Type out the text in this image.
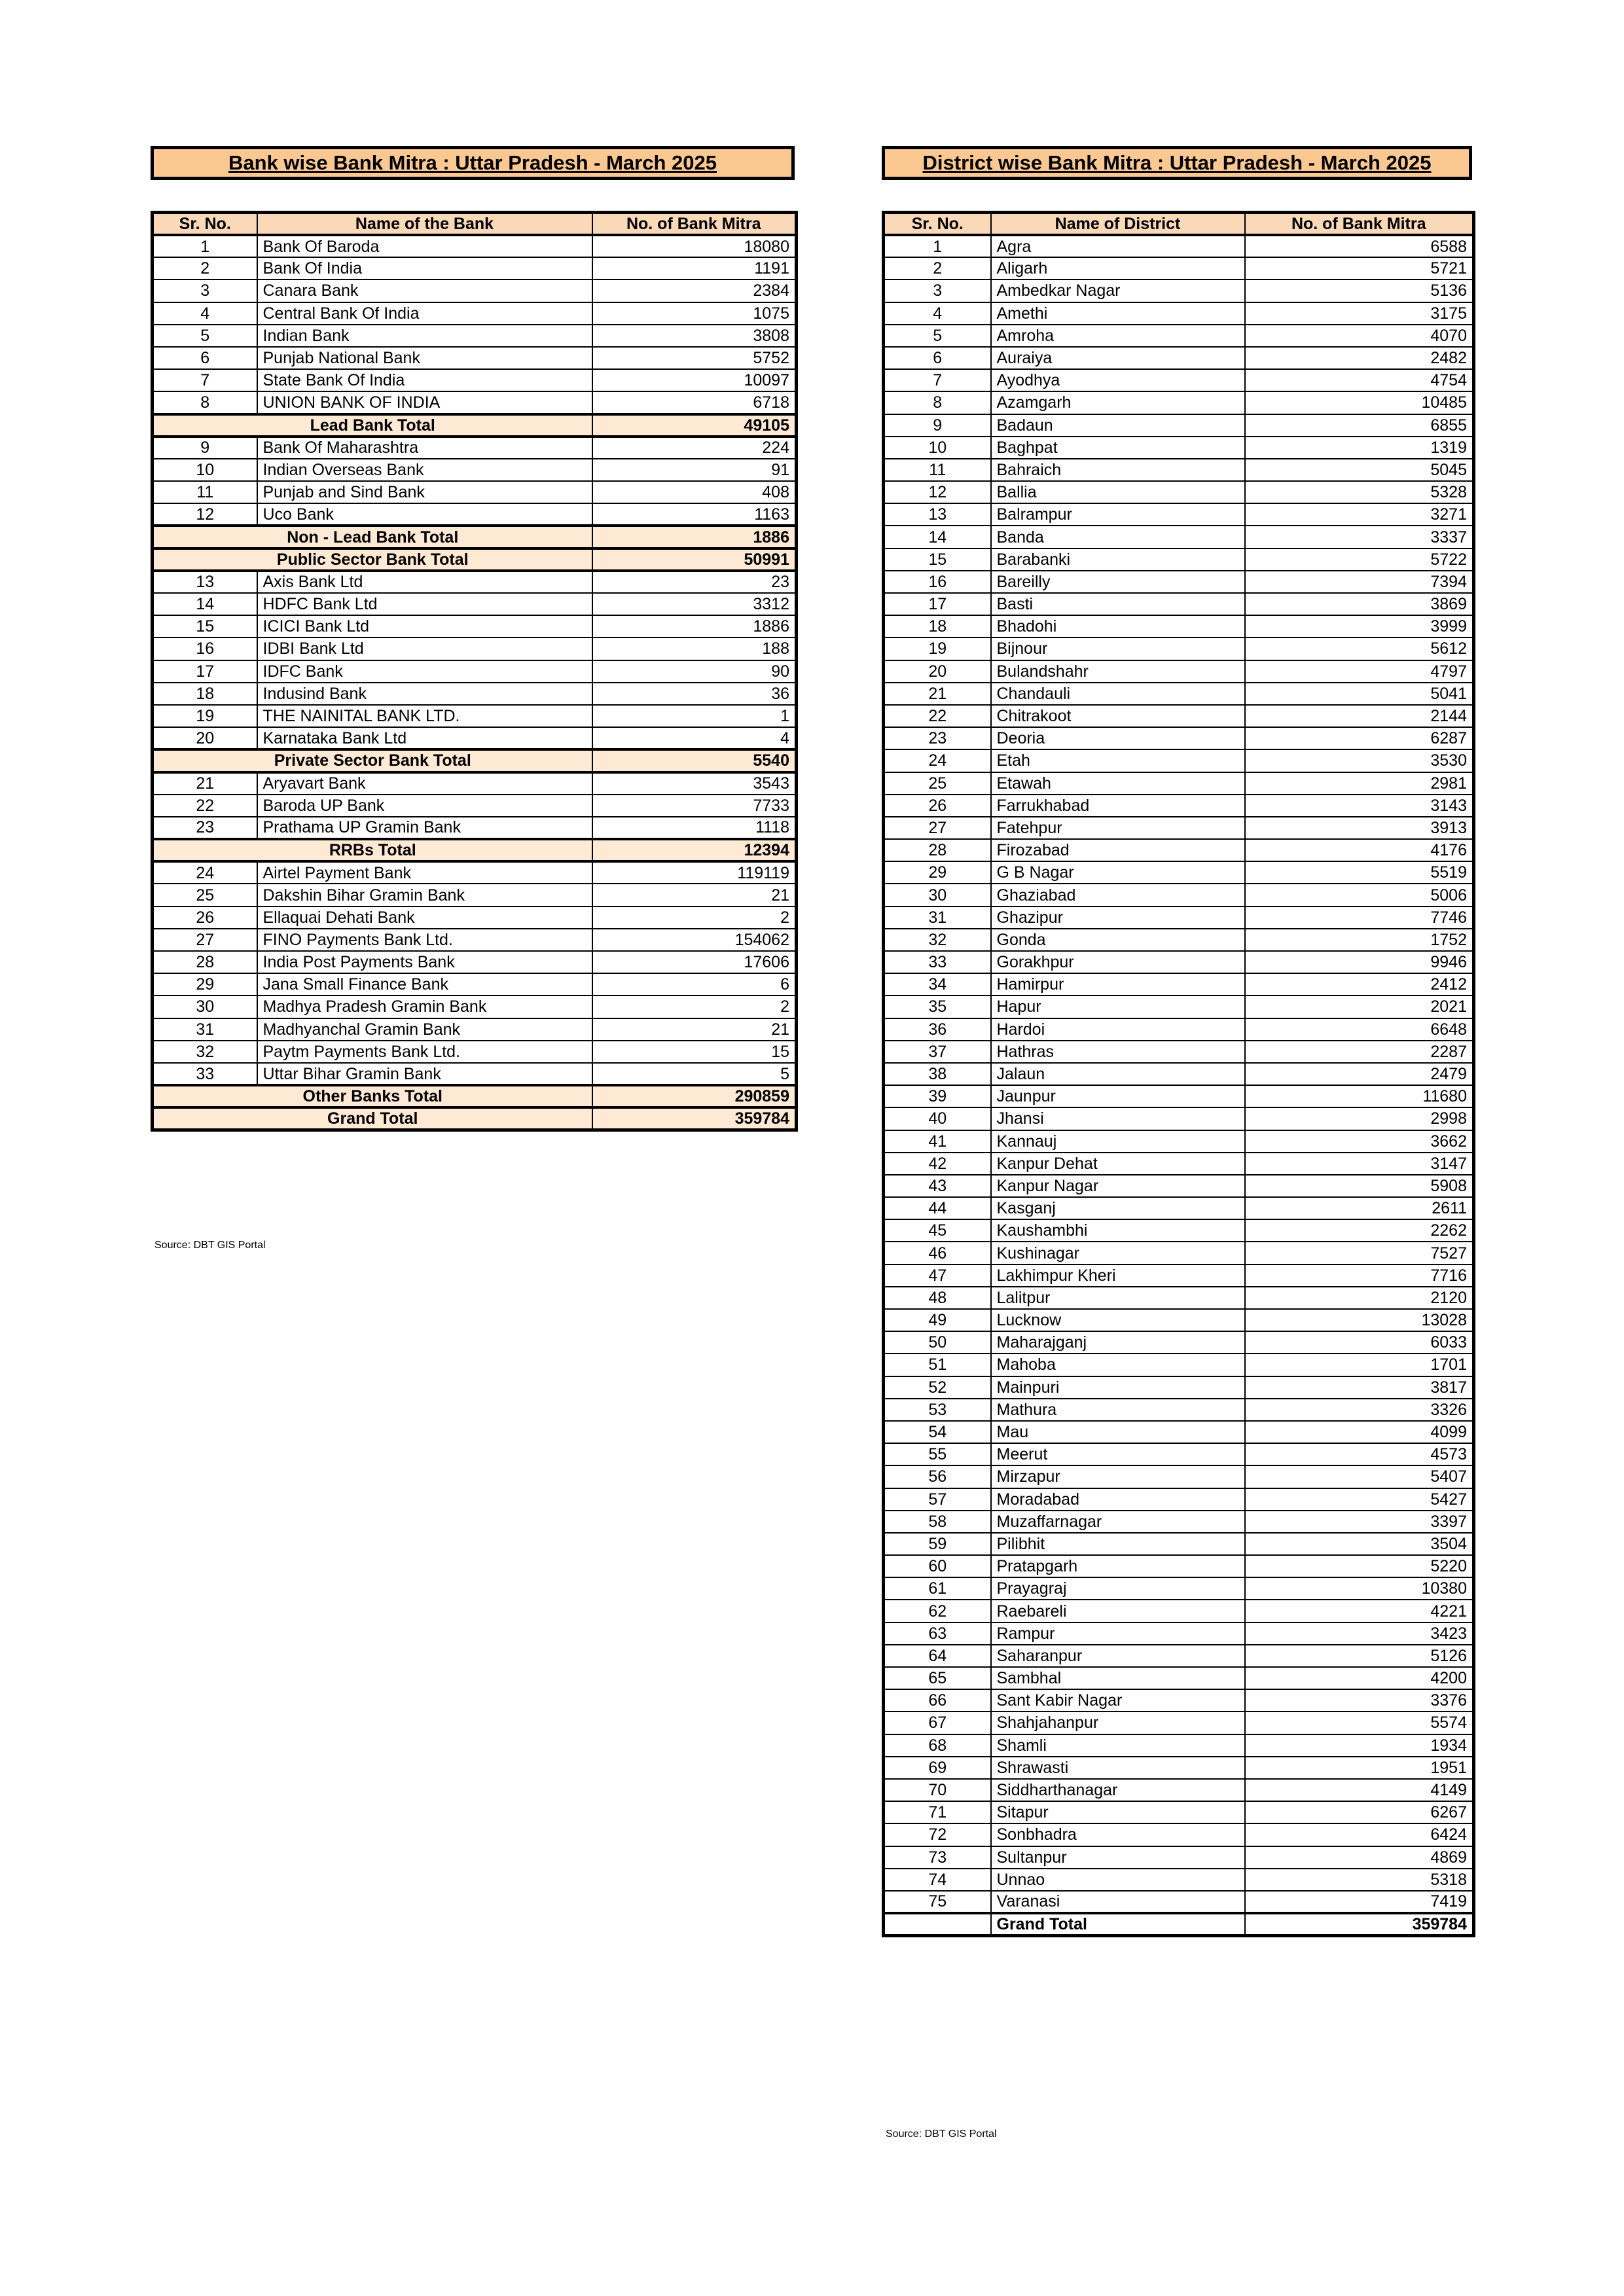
Bank wise Bank Mitra : Uttar Pradesh - March 2025
Sr. No.	Name of the Bank	No. of Bank Mitra
1	Bank Of Baroda	18080
2	Bank Of India	1191
3	Canara Bank	2384
4	Central Bank Of India	1075
5	Indian Bank	3808
6	Punjab National Bank	5752
7	State Bank Of India	10097
8	UNION BANK OF INDIA	6718
Lead Bank Total		49105
9	Bank Of Maharashtra	224
10	Indian Overseas Bank	91
11	Punjab and Sind Bank	408
12	Uco Bank	1163
Non - Lead Bank Total		1886
Public Sector Bank Total		50991
13	Axis Bank Ltd	23
14	HDFC Bank Ltd	3312
15	ICICI Bank Ltd	1886
16	IDBI Bank Ltd	188
17	IDFC Bank	90
18	Indusind Bank	36
19	THE NAINITAL BANK LTD.	1
20	Karnataka Bank Ltd	4
Private Sector Bank Total		5540
21	Aryavart Bank	3543
22	Baroda UP Bank	7733
23	Prathama UP Gramin Bank	1118
RRBs Total		12394
24	Airtel Payment Bank	119119
25	Dakshin Bihar Gramin Bank	21
26	Ellaquai Dehati Bank	2
27	FINO Payments Bank Ltd.	154062
28	India Post Payments Bank	17606
29	Jana Small Finance Bank	6
30	Madhya Pradesh Gramin Bank	2
31	Madhyanchal Gramin Bank	21
32	Paytm Payments Bank Ltd.	15
33	Uttar Bihar Gramin Bank	5
Other Banks Total		290859
Grand Total		359784
Source: DBT GIS Portal
District wise Bank Mitra : Uttar Pradesh - March 2025
Sr. No.	Name of District	No. of Bank Mitra
1	Agra	6588
2	Aligarh	5721
3	Ambedkar Nagar	5136
4	Amethi	3175
5	Amroha	4070
6	Auraiya	2482
7	Ayodhya	4754
8	Azamgarh	10485
9	Badaun	6855
10	Baghpat	1319
11	Bahraich	5045
12	Ballia	5328
13	Balrampur	3271
14	Banda	3337
15	Barabanki	5722
16	Bareilly	7394
17	Basti	3869
18	Bhadohi	3999
19	Bijnour	5612
20	Bulandshahr	4797
21	Chandauli	5041
22	Chitrakoot	2144
23	Deoria	6287
24	Etah	3530
25	Etawah	2981
26	Farrukhabad	3143
27	Fatehpur	3913
28	Firozabad	4176
29	G B Nagar	5519
30	Ghaziabad	5006
31	Ghazipur	7746
32	Gonda	1752
33	Gorakhpur	9946
34	Hamirpur	2412
35	Hapur	2021
36	Hardoi	6648
37	Hathras	2287
38	Jalaun	2479
39	Jaunpur	11680
40	Jhansi	2998
41	Kannauj	3662
42	Kanpur Dehat	3147
43	Kanpur Nagar	5908
44	Kasganj	2611
45	Kaushambhi	2262
46	Kushinagar	7527
47	Lakhimpur Kheri	7716
48	Lalitpur	2120
49	Lucknow	13028
50	Maharajganj	6033
51	Mahoba	1701
52	Mainpuri	3817
53	Mathura	3326
54	Mau	4099
55	Meerut	4573
56	Mirzapur	5407
57	Moradabad	5427
58	Muzaffarnagar	3397
59	Pilibhit	3504
60	Pratapgarh	5220
61	Prayagraj	10380
62	Raebareli	4221
63	Rampur	3423
64	Saharanpur	5126
65	Sambhal	4200
66	Sant Kabir Nagar	3376
67	Shahjahanpur	5574
68	Shamli	1934
69	Shrawasti	1951
70	Siddharthanagar	4149
71	Sitapur	6267
72	Sonbhadra	6424
73	Sultanpur	4869
74	Unnao	5318
75	Varanasi	7419
	Grand Total	359784
Source: DBT GIS Portal
